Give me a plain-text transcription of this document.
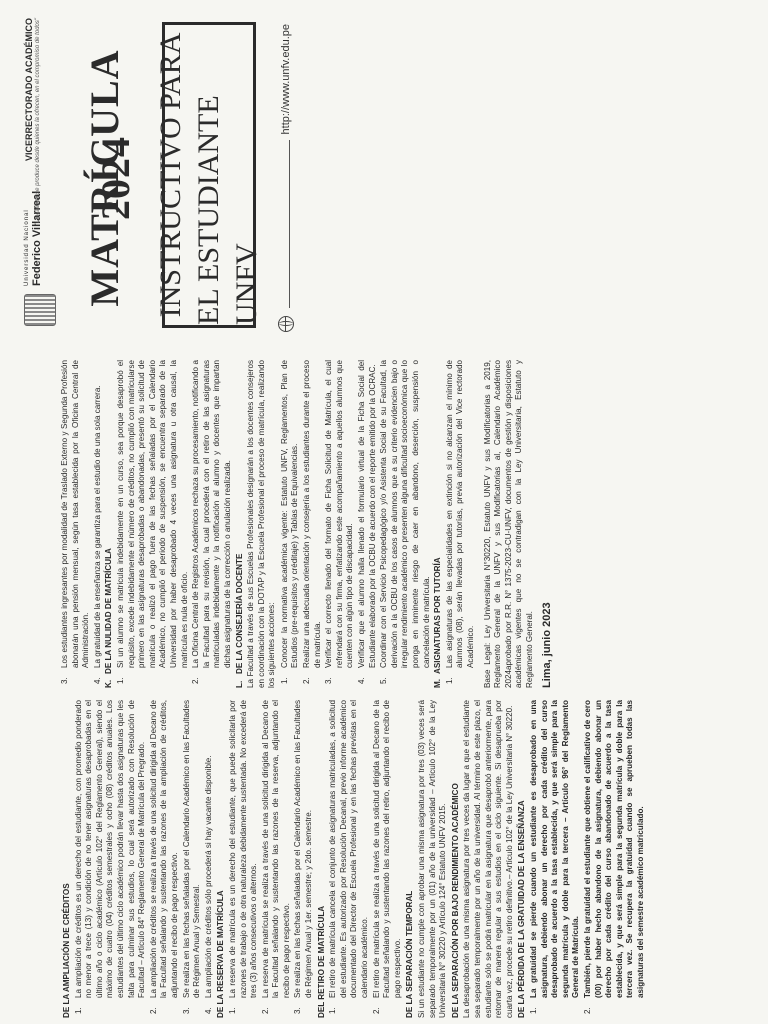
DE LA AMPLIACIÓN DE CRÉDITOS 1.
La ampliación de créditos es un derecho del estudiante, con promedio ponderado no menor a trece (13) y condición de no tener asignaturas desaprobadas en el último año o ciclo académico (Artículo 102° del Reglamento General), siendo el máximo de cuatro (04) créditos semestrales y ocho (08) créditos anuales. Los estudiantes del último ciclo académico podrán llevar hasta dos asignaturas que les falta para culminar sus estudios, lo cual será autorizado con Resolución de Facultad – Artículo 84° Reglamento General de Matrícula del Pregrado.
2.
La ampliación de créditos se realiza a través de una solicitud dirigida al Decano de la Facultad señalando y sustentando las razones de la ampliación de créditos, adjuntando el recibo de pago respectivo.
3.
Se realiza en las fechas señaladas por el Calendario Académico en las Facultades de Régimen Anual y Semestral.
4.
La ampliación de créditos sólo procederá si hay vacante disponible. DE LA RESERVA DE MATRÍCULA 1.
La reserva de matrícula es un derecho del estudiante, que puede solicitarla por razones de trabajo o de otra naturaleza debidamente sustentada. No excederá de tres (3) años consecutivos o alternos.
2.
La reserva de matrícula se realiza a través de una solicitud dirigida al Decano de la Facultad señalando y sustentando las razones de la reserva, adjuntando el recibo de pago respectivo.
3.
Se realiza en las fechas señaladas por el Calendario Académico en las Facultades de Régimen Anual y 1er. semestre; y 2do. semestre. DEL RETIRO DE MATRÍCULA 1.
El retiro de matrícula cancela el conjunto de asignaturas matriculadas, a solicitud del estudiante. Es autorizado por Resolución Decanal, previo informe académico documentado del Director de Escuela Profesional y en las fechas previstas en el calendario académico.
2.
El retiro de matrícula se realiza a través de una solicitud dirigida al Decano de la Facultad señalando y sustentando las razones del retiro, adjuntando el recibo de pago respectivo. DE LA SEPARACIÓN TEMPORAL Si un estudiante no cumple con aprobar una misma asignatura por tres (03) veces será separado temporalmente por un (01) año de la universidad – Artículo 102° de la Ley Universitaria N° 30220 y Artículo 124° Estatuto UNFV 2015. DE LA SEPARACIÓN POR BAJO RENDIMIENTO ACADÉMICO La desaprobación de una misma asignatura por tres veces da lugar a que el estudiante sea separado temporalmente por un año de la universidad. Al término de este plazo, el estudiante sólo se podrá matricular en la asignatura que desaprobó anteriormente, para retornar de manera regular a sus estudios en el ciclo siguiente. Si desaprueba por cuarta vez, procede su retiro definitivo.– Artículo 102° de la Ley Universitaria N° 30220. DE LA PÉRDIDA DE LA GRATUIDAD DE LA ENSEÑANZA 1.
La gratuidad se pierde cuando un estudiante es desaprobado en una asignatura, debiendo abonar un derecho por cada crédito del curso desaprobado de acuerdo a la tasa establecida, y que será simple para la segunda matrícula y doble para la tercera – Artículo 96° del Reglamento General de Matrícula.
2.
También, pierde la gratuidad el estudiante que obtiene el calificativo de cero (00) por haber hecho abandono de la asignatura, debiendo abonar un derecho por cada crédito del curso abandonado de acuerdo a la tasa establecida, y que será simple para la segunda matrícula y doble para la tercera vez. Se recupera la gratuidad cuando se aprueben todas las asignaturas del semestre académico matriculado.
3.
Los estudiantes ingresantes por modalidad de Traslado Externo y Segunda Profesión abonarán una pensión mensual, según tasa establecida por la Oficina Central de Administración.
4.
La gratuidad de la enseñanza se garantiza para el estudio de una sola carrera.
K.
DE LA NULIDAD DE MATRÍCULA
1.
Si un alumno se matricula indebidamente en un curso, sea porque desaprobó el requisito, excede indebidamente el número de créditos, no cumplió con matricularse primero en las asignaturas desaprobadas o abandonadas, presentó su solicitud de matrícula o realizó el pago fuera de las fechas señaladas por el Calendario Académico, no cumplió el periodo de suspensión, se encuentra separado de la Universidad por haber desaprobado 4 veces una asignatura u otra causal, la matrícula es nula de oficio.
2.
La Oficina Central de Registros Académicos rechaza su procesamiento, notificando a la Facultad para su revisión, la cual procederá con el retiro de las asignaturas matriculadas indebidamente y la notificación al alumno y docentes que impartan dichas asignaturas de la corrección o anulación realizada.
L.
DE LA CONSEJERÍA DOCENTE La Facultad a través de sus Escuelas Profesionales designarán a los docentes consejeros en coordinación con la DOTAP y la Escuela Profesional el proceso de matrícula, realizando los siguientes acciones: 1.
Conocer la normativa académica vigente: Estatuto UNFV, Reglamentos, Plan de Estudios (pre-requisitos y créditaje) y Tablas de Equivalencias.
2.
Realizar una adecuada orientación y consejería a los estudiantes durante el proceso de matrícula.
3.
Verificar el correcto llenado del formato de Ficha Solicitud de Matrícula, el cual refrendará con su firma, enfatizando este acompañamiento a aquellos alumnos que cuenten con algún tipo de discapacidad.
4.
Verificar que el alumno halla llenado el formulario virtual de la Ficha Social del Estudiante elaborado por la OCBU de acuerdo con el reporte emitido por la OCRAC.
5.
Coordinar con el Servicio Psicopedagógico y/o Asistenta Social de su Facultad, la derivación a la OCBU de los casos de alumnos que a su criterio evidencien bajo o irregular rendimiento académico o presenten alguna dificultad socioeconómica que lo ponga en inminente riesgo de caer en abandono, deserción, suspensión o cancelación de matrícula.
M.
ASIGNATURAS POR TUTORÍA
1.
Las asignaturas de las especialidades en extinción si no alcanzan el mínimo de alumnos (08), serán llevadas por tutorías, previa autorización del Vice rectorado Académico. Base Legal: Ley Universitaria N°30220, Estatuto UNFV y sus Modificatorias a 2019, Reglamento General de la UNFV y sus Modificatorias al, Calendario Académico 2024aprobado por R.R. N° 1375-2023-CU-UNFV, documentos de gestión y disposiciones académicas vigentes que no se contradigan con la Ley Universitaria, Estatuto y Reglamento General. Lima, junio 2023
Universidad Nacional Federico Villarreal
VICERRECTORADO ACADÉMICO "La calidad se produce desde quienes la ofrecen, en el compromiso de todos" MATRÍCULA 2024 INSTRUCTIVO PARA EL ESTUDIANTE UNFV
http://www.unfv.edu.pe
